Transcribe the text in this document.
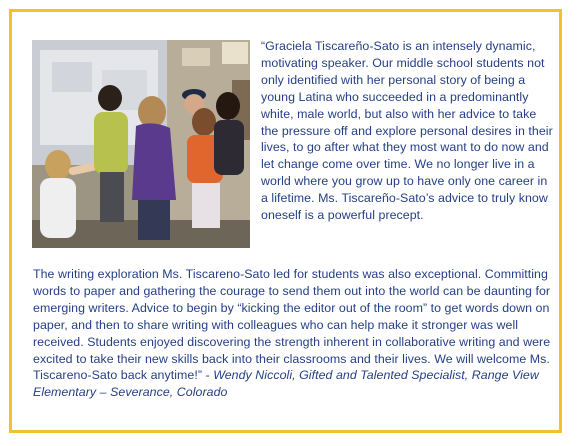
“Graciela Tiscareño-Sato is an intensely dynamic, motivating speaker. Our middle school students not only identified with her personal story of being a young Latina who succeeded in a predominantly white, male world, but also with her advice to take the pressure off and explore personal desires in their lives, to go after what they most want to do now and let change come over time. We no longer live in a world where you grow up to have only one career in a lifetime. Ms. Tiscareño-Sato’s advice to truly know oneself is a powerful precept.

The writing exploration Ms. Tiscareno-Sato led for students was also exceptional. Committing words to paper and gathering the courage to send them out into the world can be daunting for emerging writers. Advice to begin by “kicking the editor out of the room” to get words down on paper, and then to share writing with colleagues who can help make it stronger was well received. Students enjoyed discovering the strength inherent in collaborative writing and were excited to take their new skills back into their classrooms and their lives. We will welcome Ms. Tiscareno-Sato back anytime!” - Wendy Niccoli, Gifted and Talented Specialist, Range View Elementary – Severance, Colorado
